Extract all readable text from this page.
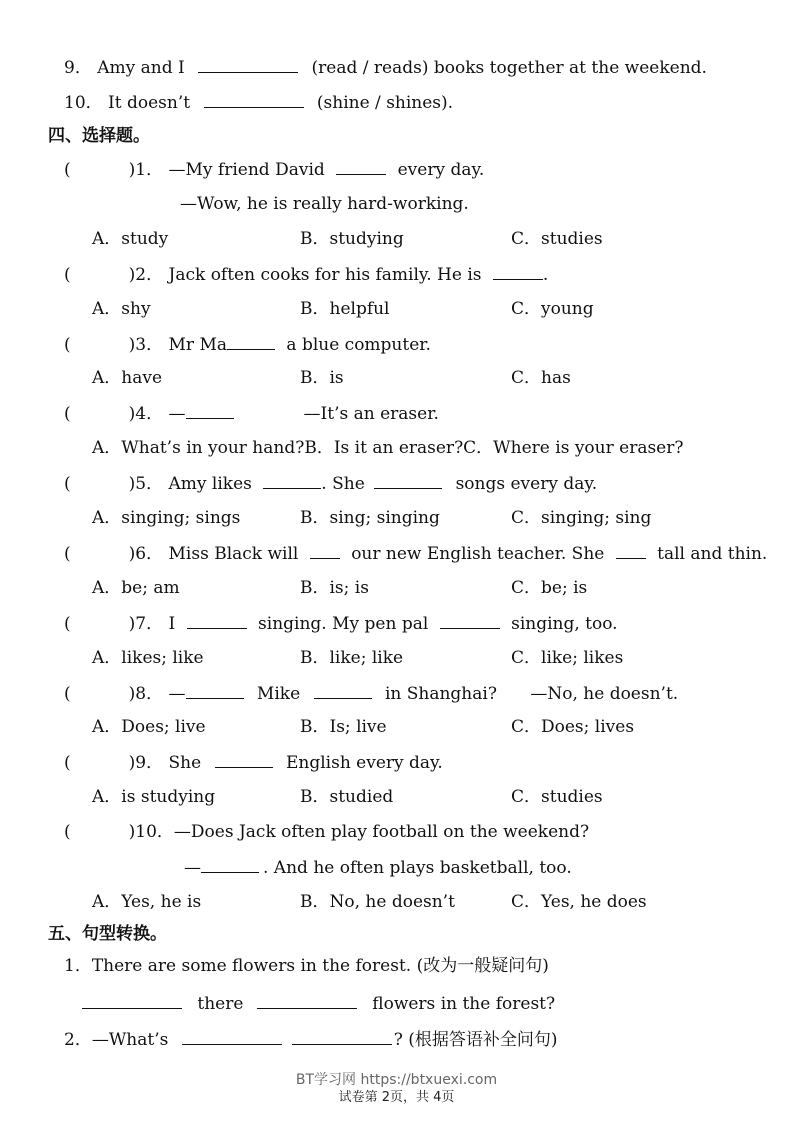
9． Amy and I	(read / reads) books together at the weekend.
10． It doesn’t	(shine / shines).
四、选择题。
(	)1． —My friend David	every day.
—Wow, he is really hard-working.
A．study	B．studying	C．studies
(	)2． Jack often cooks for his family. He is	.
A．shy	B．helpful	C．young
(	)3． Mr Ma	a blue computer.
A．have	B．is	C．has
(	)4． —	—It’s an eraser.
A．What’s in your hand?B．Is it an eraser?C．Where is your eraser?
(	)5． Amy likes	. She	songs every day.
A．singing; sings	B．sing; singing	C．singing; sing
(	)6． Miss Black will	our new English teacher. She	tall and thin.
A．be; am	B．is; is	C．be; is
(	)7． I	singing. My pen pal	singing, too.
A．likes; like	B．like; like	C．like; likes
(	)8． —	Mike	in Shanghai? —No, he doesn’t.
A．Does; live	B．Is; live	C．Does; lives
(	)9． She	English every day.
A．is studying	B．studied	C．studies
(	)10．—Does Jack often play football on the weekend?
—	. And he often plays basketball, too.
A．Yes, he is	B．No, he doesn’t	C．Yes, he does
五、句型转换。
1．There are some flowers in the forest. (改为一般疑问句)
there	flowers in the forest?
2．—What’s	? (根据答语补全问句)
BT学习网 https://btxuexi.com
试卷第 2页，共 4页
